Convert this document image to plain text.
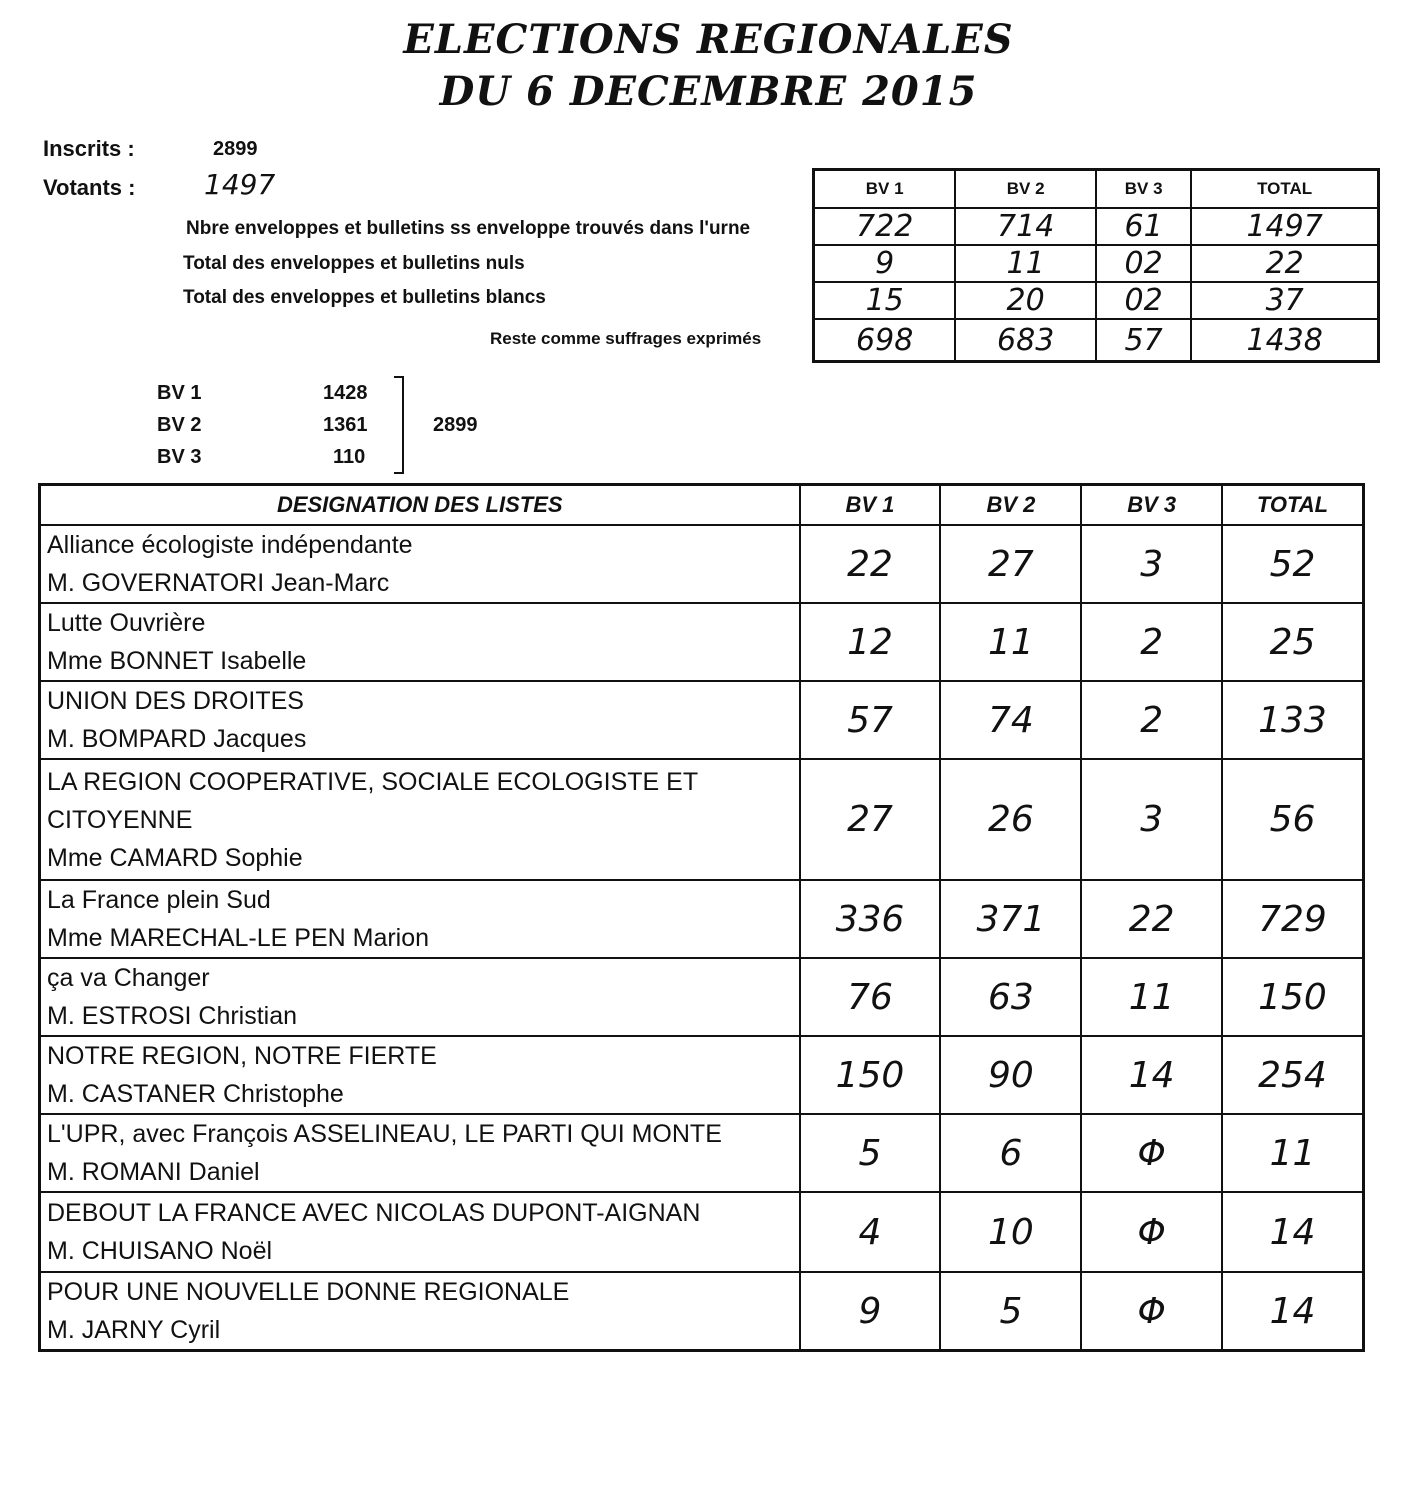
ELECTIONS REGIONALES
DU 6 DECEMBRE 2015
Inscrits :	2899
Votants : 1497
Nbre enveloppes et bulletins ss enveloppe trouvés dans l'urne
Total des enveloppes et bulletins nuls
Total des enveloppes et bulletins blancs
Reste comme suffrages exprimés
BV 1	BV 2	BV 3	TOTAL
722	714	61	1497
9	11	02	22
15	20	02	37
698	683	57	1438
BV 1	1428
BV 2	1361
BV 3	110
2899
DESIGNATION DES LISTES	BV 1	BV 2	BV 3	TOTAL

Alliance écologiste indépendante
M. GOVERNATORI Jean-Marc	22	27	3	52

Lutte Ouvrière
Mme BONNET Isabelle	12	11	2	25

UNION DES DROITES
M. BOMPARD Jacques	57	74	2	133

LA REGION COOPERATIVE, SOCIALE ECOLOGISTE ET
CITOYENNE
Mme CAMARD Sophie	27	26	3	56

La France plein Sud
Mme MARECHAL-LE PEN Marion	336	371	22	729

ça va Changer
M. ESTROSI Christian	76	63	11	150

NOTRE REGION, NOTRE FIERTE
M. CASTANER Christophe	150	90	14	254

L'UPR, avec François ASSELINEAU, LE PARTI QUI MONTE
M. ROMANI Daniel	5	6	Φ	11

DEBOUT LA FRANCE AVEC NICOLAS DUPONT-AIGNAN
M. CHUISANO Noël	4	10	Φ	14

POUR UNE NOUVELLE DONNE REGIONALE
M. JARNY Cyril	9	5	Φ	14
